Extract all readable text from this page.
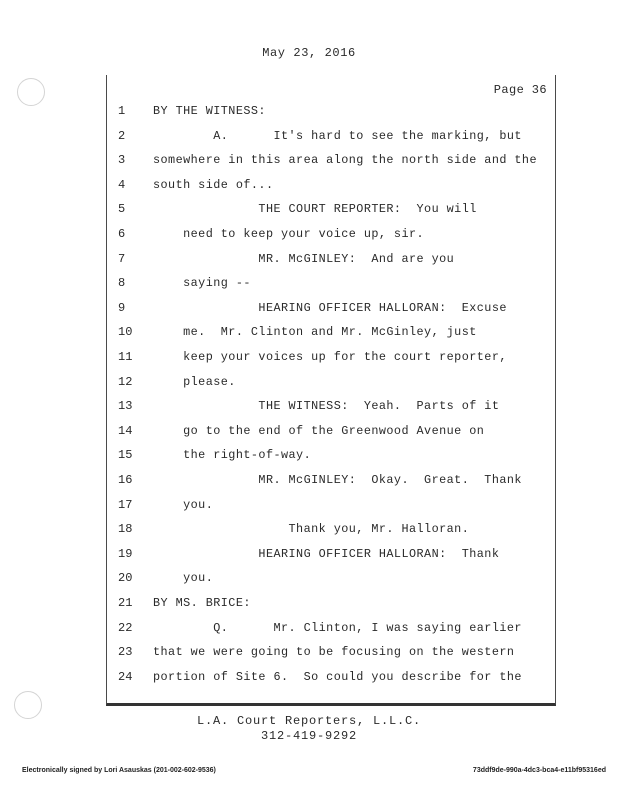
May 23, 2016
Page 36
1	BY THE WITNESS:
2	A.      It's hard to see the marking, but
3	somewhere in this area along the north side and the
4	south side of...
5	THE COURT REPORTER:  You will
6	need to keep your voice up, sir.
7	MR. McGINLEY:  And are you
8	saying --
9	HEARING OFFICER HALLORAN:  Excuse
10	me.  Mr. Clinton and Mr. McGinley, just
11	keep your voices up for the court reporter,
12	please.
13	THE WITNESS:  Yeah.  Parts of it
14	go to the end of the Greenwood Avenue on
15	the right-of-way.
16	MR. McGINLEY:  Okay.  Great.  Thank
17	you.
18	Thank you, Mr. Halloran.
19	HEARING OFFICER HALLORAN:  Thank
20	you.
21	BY MS. BRICE:
22	Q.      Mr. Clinton, I was saying earlier
23	that we were going to be focusing on the western
24	portion of Site 6.  So could you describe for the
L.A. Court Reporters, L.L.C.
312-419-9292
Electronically signed by Lori Asauskas (201-002-602-9536)	73ddf9de-990a-4dc3-bca4-e11bf95316ed
